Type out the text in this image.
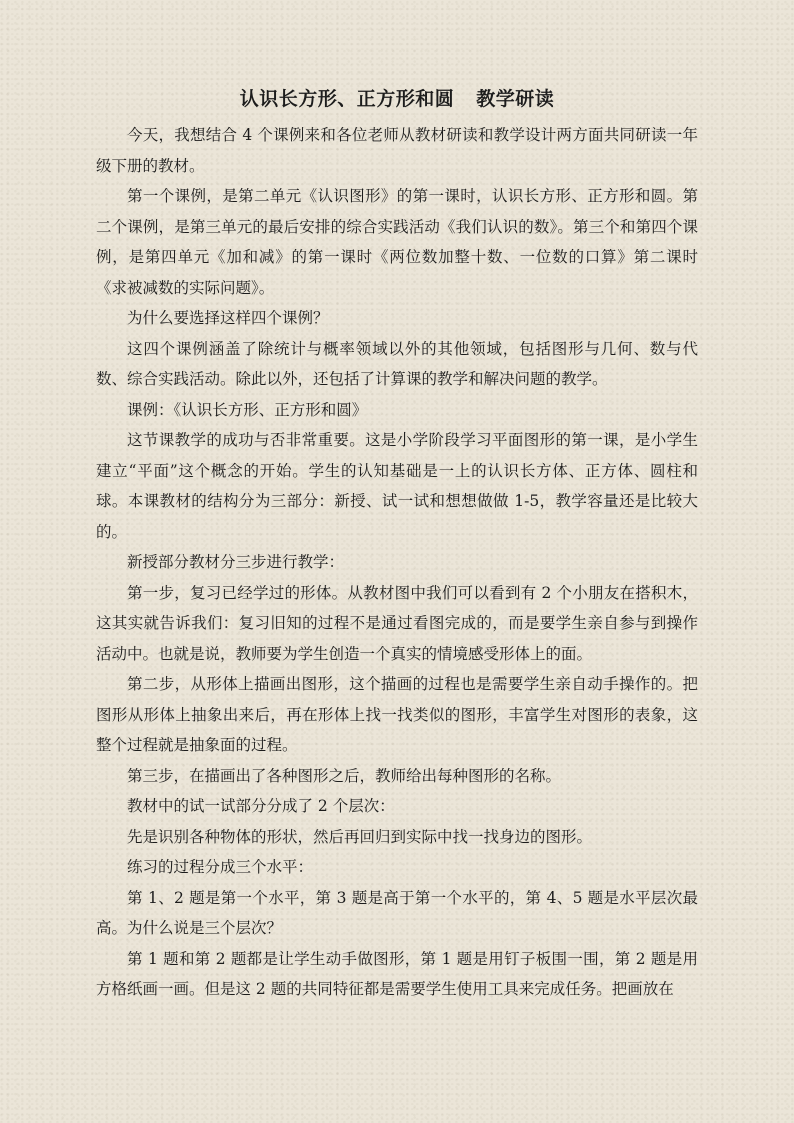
认识长方形、正方形和圆 教学研读

今天，我想结合 4 个课例来和各位老师从教材研读和教学设计两方面共同研读一年级下册的教材。

第一个课例，是第二单元《认识图形》的第一课时，认识长方形、正方形和圆。第二个课例，是第三单元的最后安排的综合实践活动《我们认识的数》。第三个和第四个课例，是第四单元《加和减》的第一课时《两位数加整十数、一位数的口算》第二课时《求被减数的实际问题》。

为什么要选择这样四个课例？

这四个课例涵盖了除统计与概率领域以外的其他领域，包括图形与几何、数与代数、综合实践活动。除此以外，还包括了计算课的教学和解决问题的教学。

课例：《认识长方形、正方形和圆》

这节课教学的成功与否非常重要。这是小学阶段学习平面图形的第一课，是小学生建立“平面”这个概念的开始。学生的认知基础是一上的认识长方体、正方体、圆柱和球。本课教材的结构分为三部分：新授、试一试和想想做做 1-5，教学容量还是比较大的。

新授部分教材分三步进行教学：

第一步，复习已经学过的形体。从教材图中我们可以看到有 2 个小朋友在搭积木，这其实就告诉我们：复习旧知的过程不是通过看图完成的，而是要学生亲自参与到操作活动中。也就是说，教师要为学生创造一个真实的情境感受形体上的面。

第二步，从形体上描画出图形，这个描画的过程也是需要学生亲自动手操作的。把图形从形体上抽象出来后，再在形体上找一找类似的图形，丰富学生对图形的表象，这整个过程就是抽象面的过程。

第三步，在描画出了各种图形之后，教师给出每种图形的名称。

教材中的试一试部分分成了 2 个层次：

先是识别各种物体的形状，然后再回归到实际中找一找身边的图形。

练习的过程分成三个水平：

第 1、2 题是第一个水平，第 3 题是高于第一个水平的，第 4、5 题是水平层次最高。为什么说是三个层次？

第 1 题和第 2 题都是让学生动手做图形，第 1 题是用钉子板围一围，第 2 题是用方格纸画一画。但是这 2 题的共同特征都是需要学生使用工具来完成任务。把画放在
